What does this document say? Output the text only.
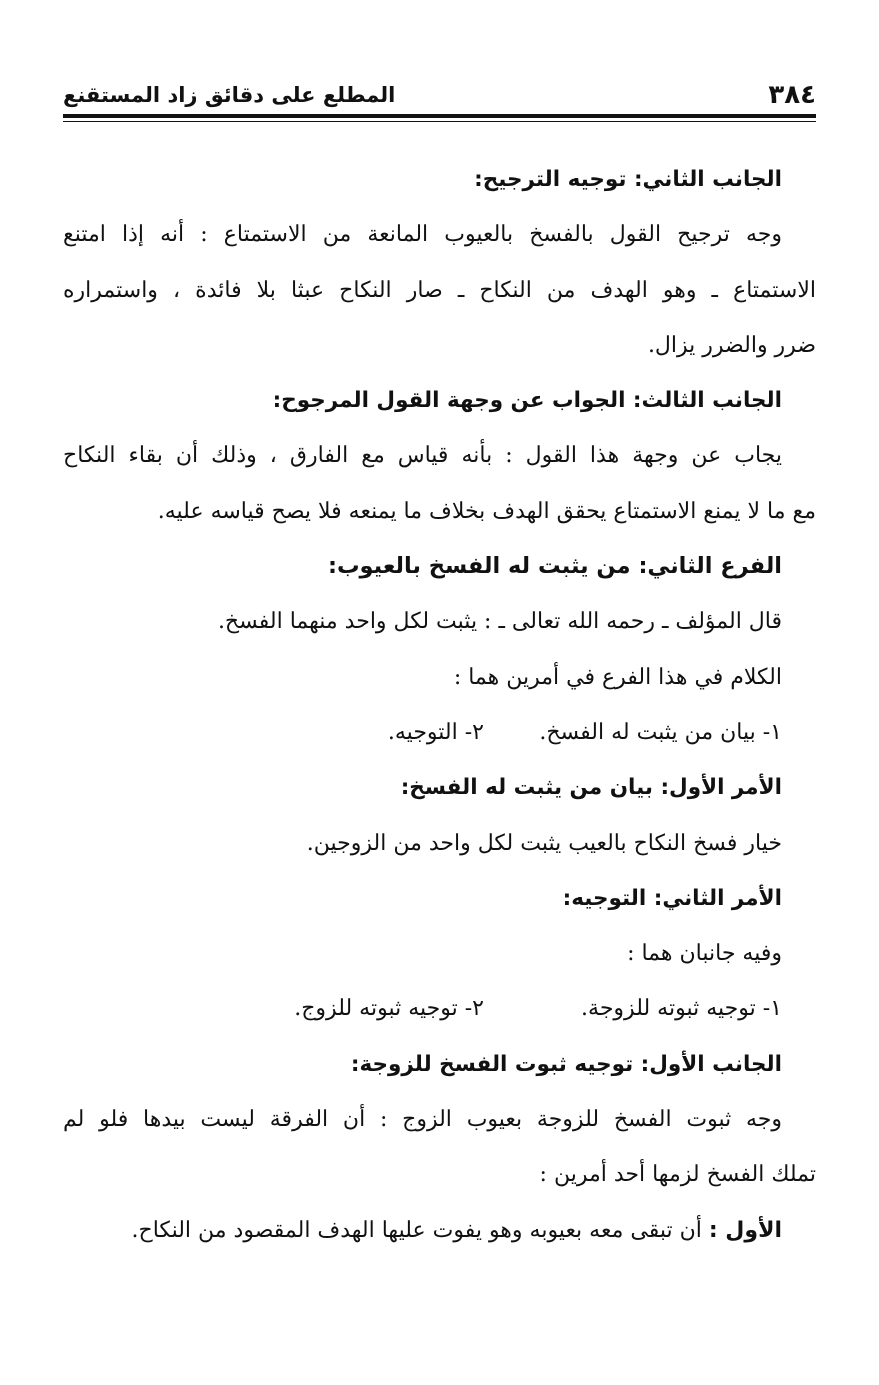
٣٨٤
المطلع على دقائق زاد المستقنع
الجانب الثاني: توجيه الترجيح:
وجه ترجيح القول بالفسخ بالعيوب المانعة من الاستمتاع : أنه إذا امتنع
الاستمتاع ـ وهو الهدف من النكاح ـ صار النكاح عبثا بلا فائدة ، واستمراره
ضرر والضرر يزال.
الجانب الثالث: الجواب عن وجهة القول المرجوح:
يجاب عن وجهة هذا القول : بأنه قياس مع الفارق ، وذلك أن بقاء النكاح
مع ما لا يمنع الاستمتاع يحقق الهدف بخلاف ما يمنعه فلا يصح قياسه عليه.
الفرع الثاني: من يثبت له الفسخ بالعيوب:
قال المؤلف ـ رحمه الله تعالى ـ : يثبت لكل واحد منهما الفسخ.
الكلام في هذا الفرع في أمرين هما :
١- بيان من يثبت له الفسخ.
٢- التوجيه.
الأمر الأول: بيان من يثبت له الفسخ:
خيار فسخ النكاح بالعيب يثبت لكل واحد من الزوجين.
الأمر الثاني: التوجيه:
وفيه جانبان هما :
١- توجيه ثبوته للزوجة.
٢- توجيه ثبوته للزوج.
الجانب الأول: توجيه ثبوت الفسخ للزوجة:
وجه ثبوت الفسخ للزوجة بعيوب الزوج : أن الفرقة ليست بيدها فلو لم
تملك الفسخ لزمها أحد أمرين :
الأول : أن تبقى معه بعيوبه وهو يفوت عليها الهدف المقصود من النكاح.
